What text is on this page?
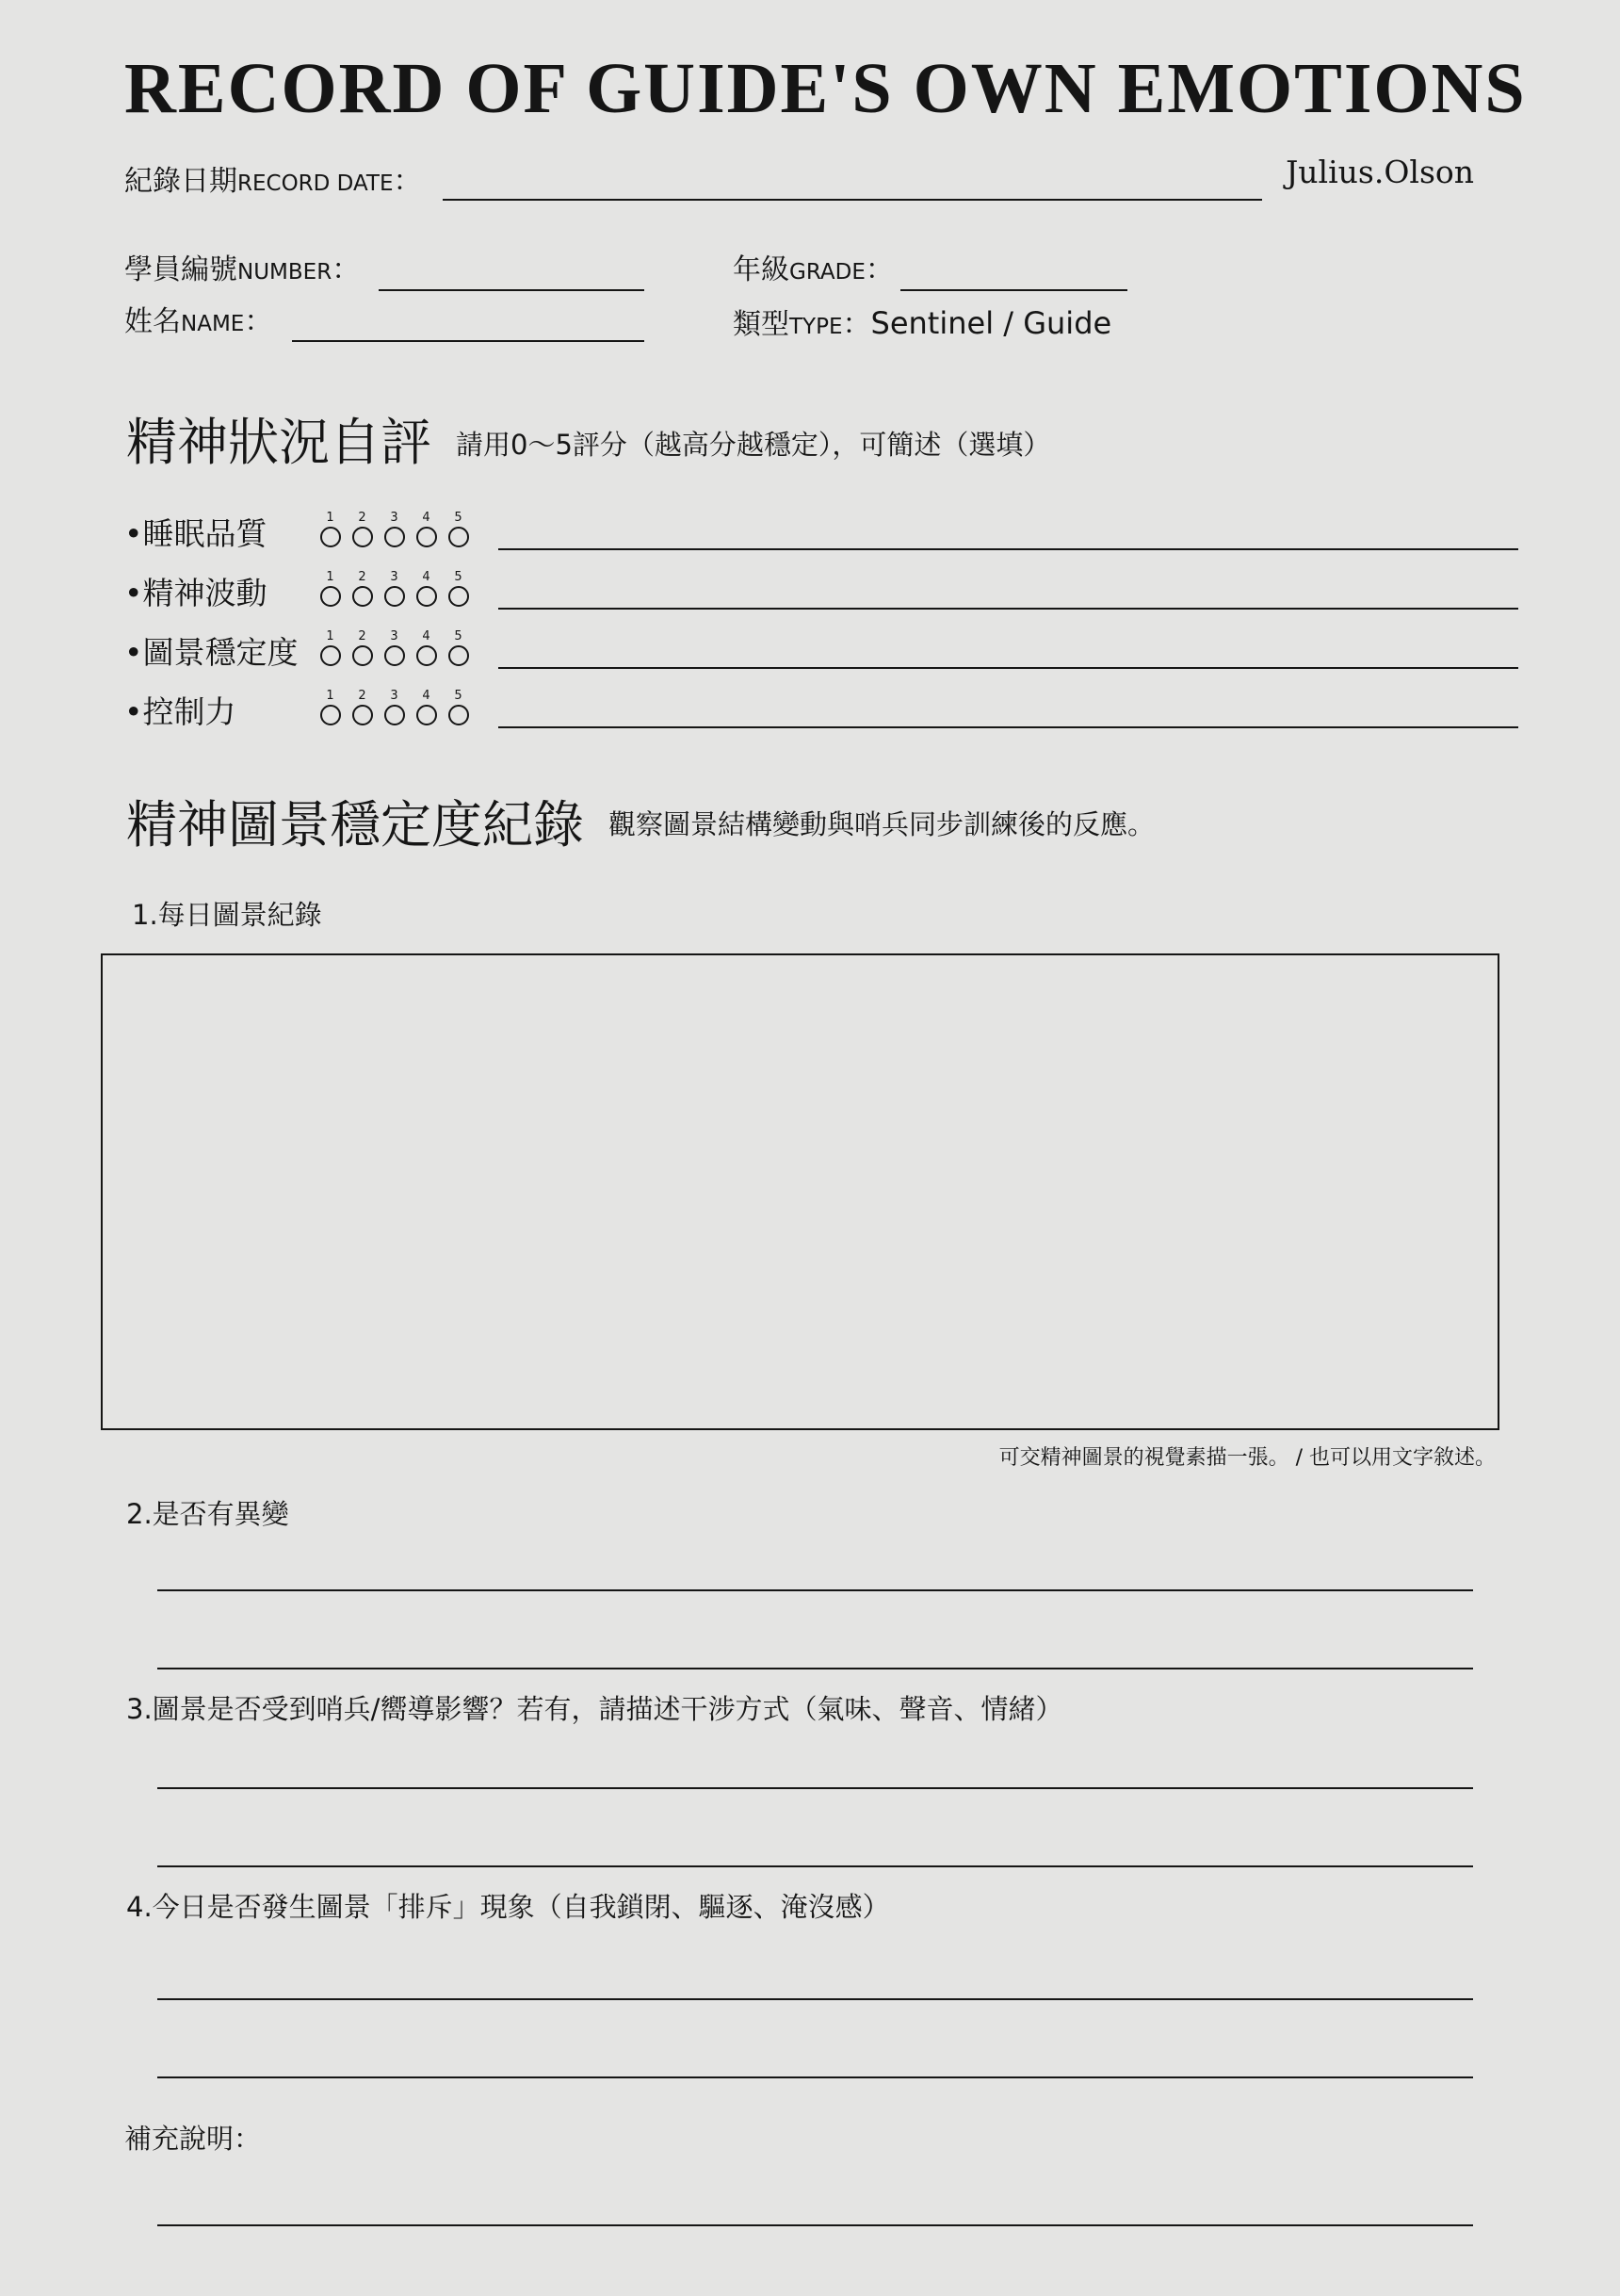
RECORD OF GUIDE'S OWN EMOTIONS
Julius.Olson
紀錄日期RECORD DATE：
學員編號NUMBER：	年級GRADE：
姓名NAME：	類型TYPE：Sentinel / Guide
精神狀況自評 請用0～5評分（越高分越穩定），可簡述（選填）
•睡眠品質	1	2	3	4	5
•精神波動	1	2	3	4	5
•圖景穩定度	1	2	3	4	5
•控制力	1	2	3	4	5
精神圖景穩定度紀錄 觀察圖景結構變動與哨兵同步訓練後的反應。
1.每日圖景紀錄
可交精神圖景的視覺素描一張。 / 也可以用文字敘述。
2.是否有異變
3.圖景是否受到哨兵/嚮導影響？若有，請描述干涉方式（氣味、聲音、情緒）
4.今日是否發生圖景「排斥」現象（自我鎖閉、驅逐、淹沒感）
補充說明：
